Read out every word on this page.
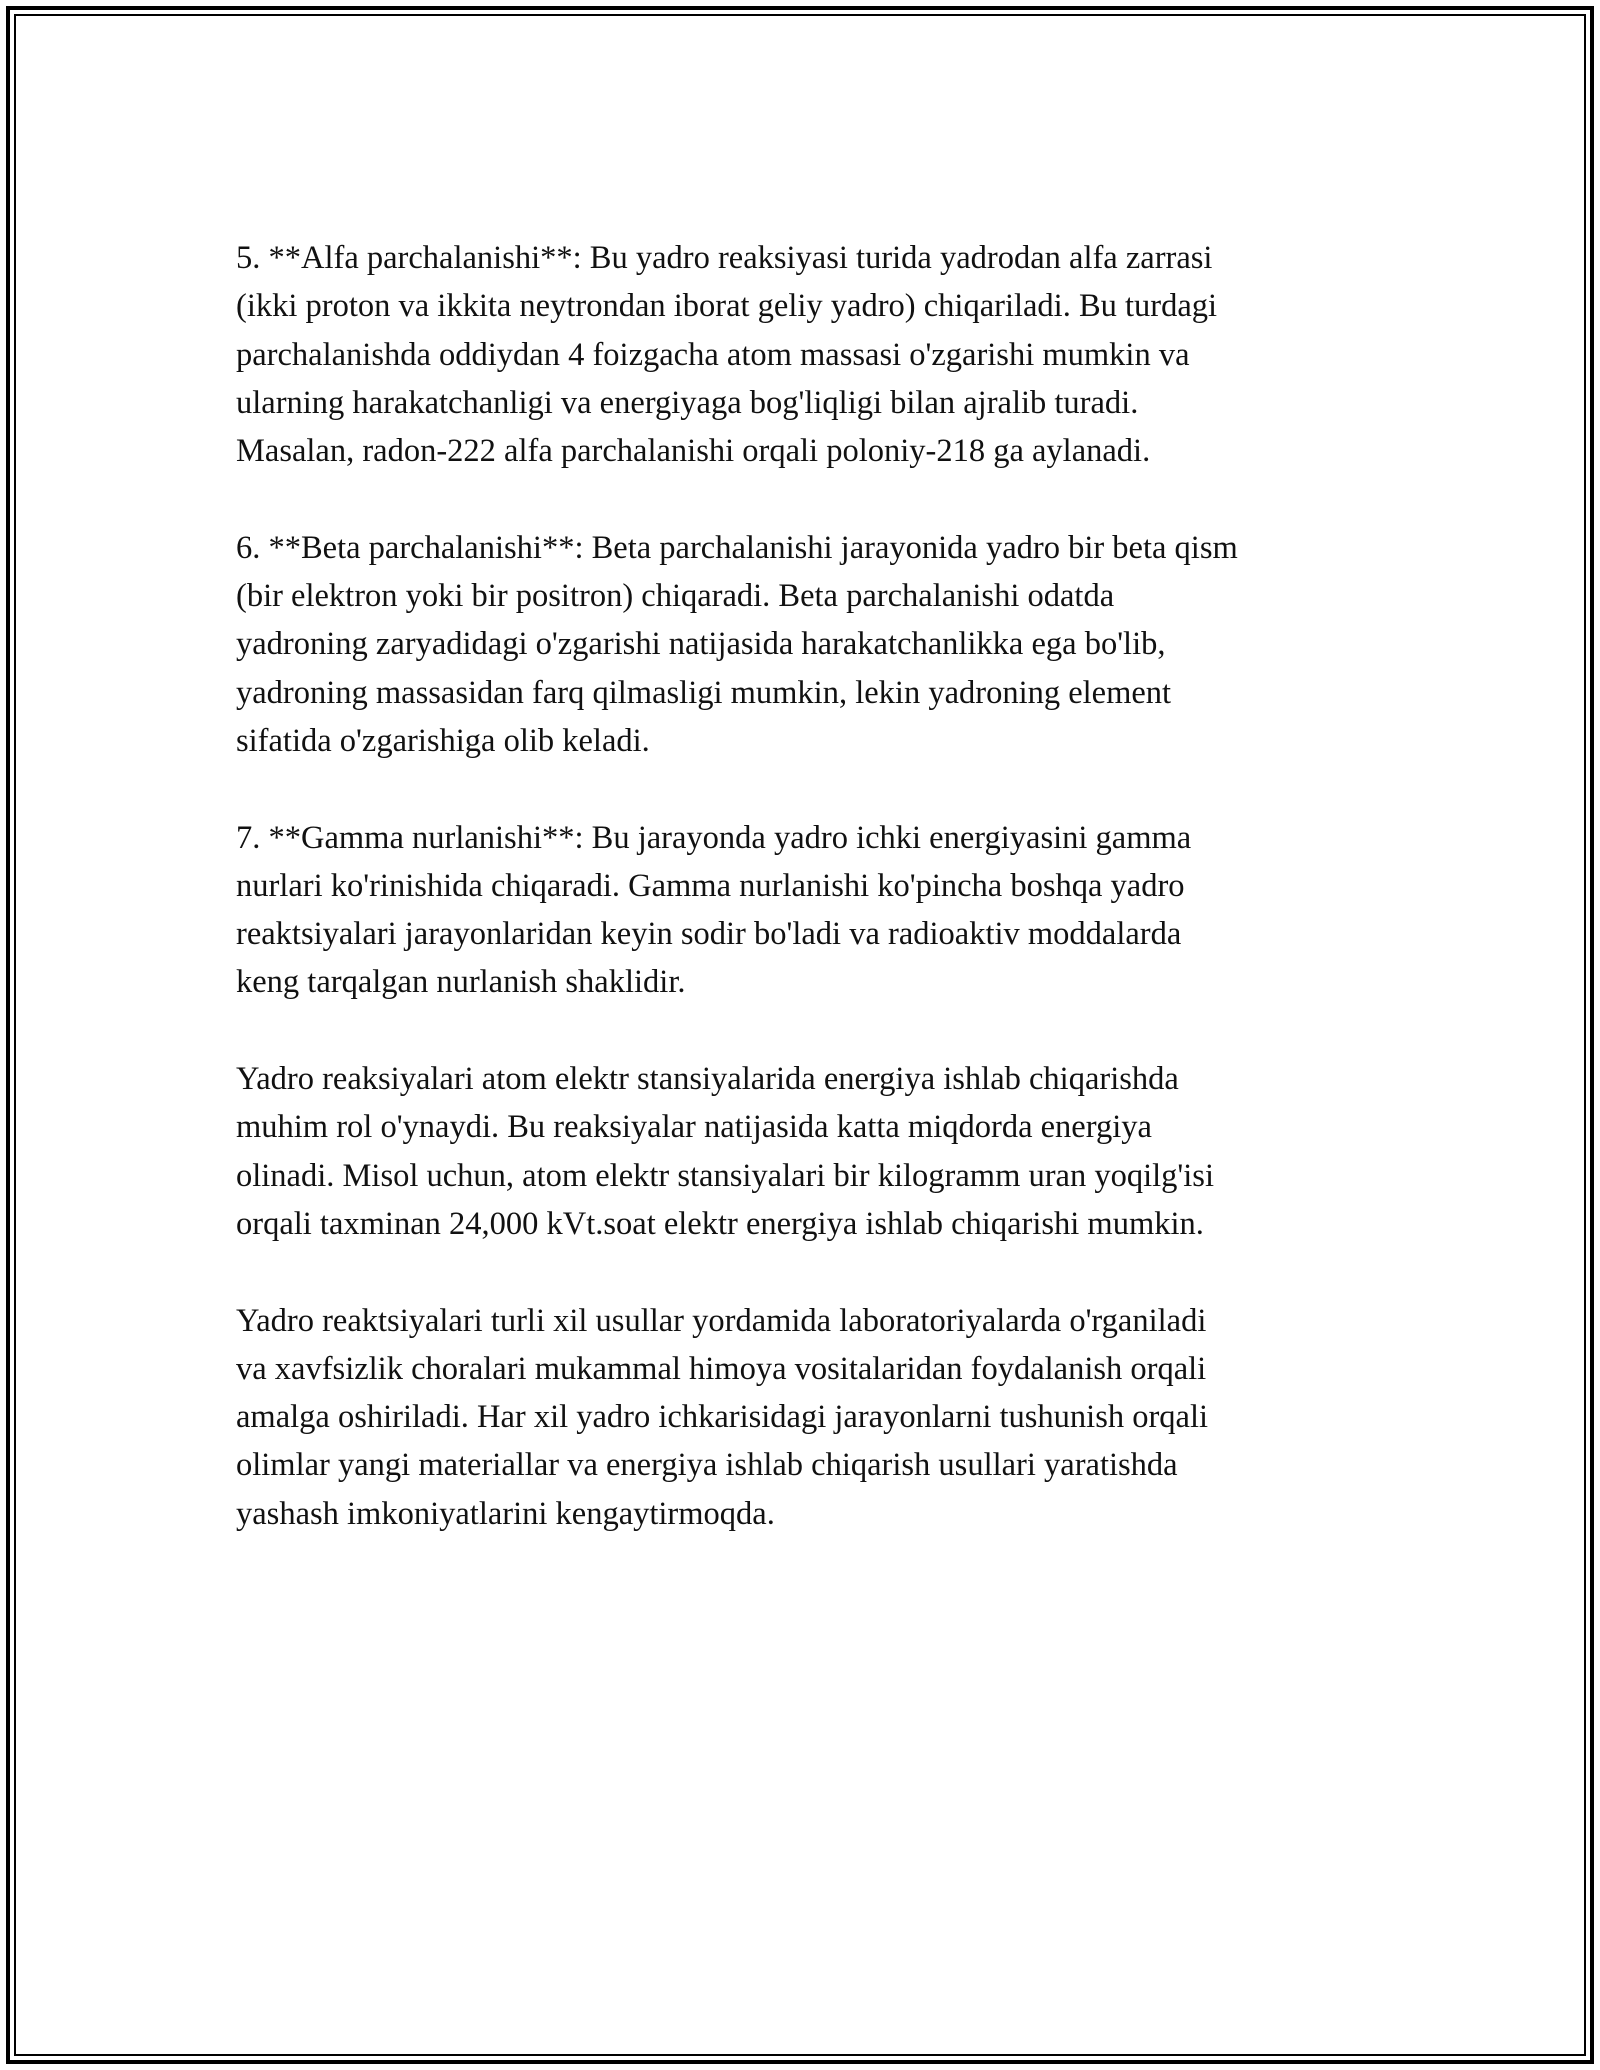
5. **Alfa parchalanishi**: Bu yadro reaksiyasi turida yadrodan alfa zarrasi
(ikki proton va ikkita neytrondan iborat geliy yadro) chiqariladi. Bu turdagi
parchalanishda oddiydan 4 foizgacha atom massasi o'zgarishi mumkin va
ularning harakatchanligi va energiyaga bog'liqligi bilan ajralib turadi.
Masalan, radon-222 alfa parchalanishi orqali poloniy-218 ga aylanadi.

6. **Beta parchalanishi**: Beta parchalanishi jarayonida yadro bir beta qism
(bir elektron yoki bir positron) chiqaradi. Beta parchalanishi odatda
yadroning zaryadidagi o'zgarishi natijasida harakatchanlikka ega bo'lib,
yadroning massasidan farq qilmasligi mumkin, lekin yadroning element
sifatida o'zgarishiga olib keladi.

7. **Gamma nurlanishi**: Bu jarayonda yadro ichki energiyasini gamma
nurlari ko'rinishida chiqaradi. Gamma nurlanishi ko'pincha boshqa yadro
reaktsiyalari jarayonlaridan keyin sodir bo'ladi va radioaktiv moddalarda
keng tarqalgan nurlanish shaklidir.

Yadro reaksiyalari atom elektr stansiyalarida energiya ishlab chiqarishda
muhim rol o'ynaydi. Bu reaksiyalar natijasida katta miqdorda energiya
olinadi. Misol uchun, atom elektr stansiyalari bir kilogramm uran yoqilg'isi
orqali taxminan 24,000 kVt.soat elektr energiya ishlab chiqarishi mumkin.

Yadro reaktsiyalari turli xil usullar yordamida laboratoriyalarda o'rganiladi
va xavfsizlik choralari mukammal himoya vositalaridan foydalanish orqali
amalga oshiriladi. Har xil yadro ichkarisidagi jarayonlarni tushunish orqali
olimlar yangi materiallar va energiya ishlab chiqarish usullari yaratishda
yashash imkoniyatlarini kengaytirmoqda.
